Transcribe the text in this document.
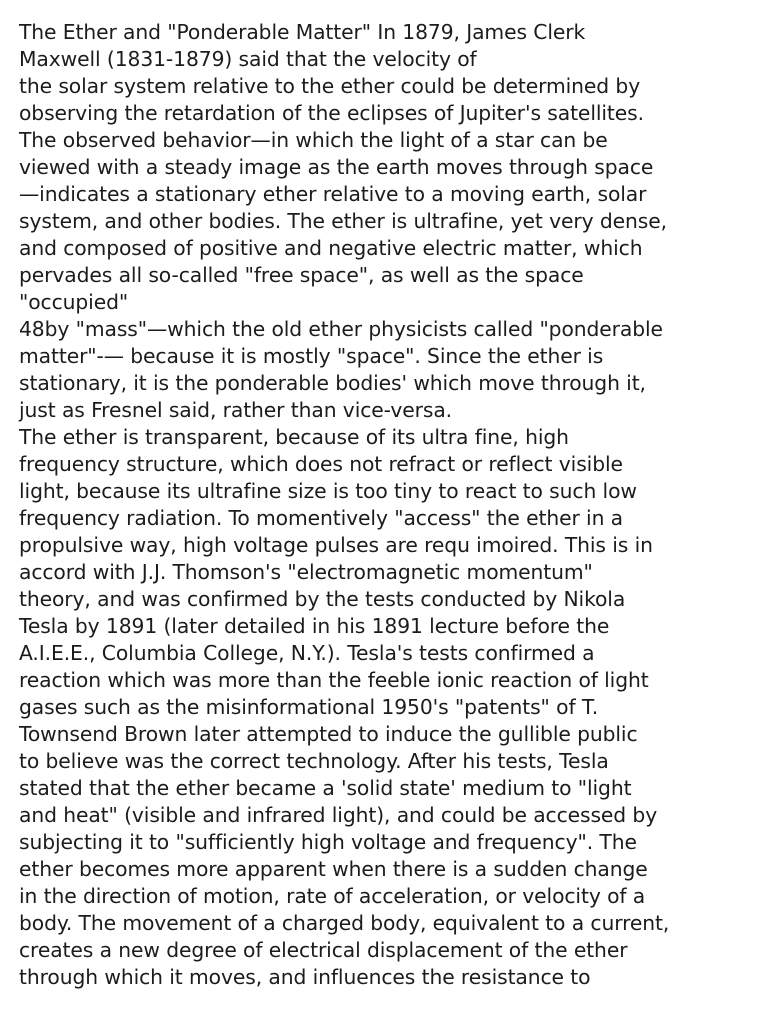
The Ether and "Ponderable Matter" In 1879, James Clerk
Maxwell (1831-1879) said that the velocity of
the solar system relative to the ether could be determined by
observing the retardation of the eclipses of Jupiter's satellites.
The observed behavior—in which the light of a star can be
viewed with a steady image as the earth moves through space
—indicates a stationary ether relative to a moving earth, solar
system, and other bodies. The ether is ultrafine, yet very dense,
and composed of positive and negative electric matter, which
pervades all so-called "free space", as well as the space
"occupied"
48by "mass"—which the old ether physicists called "ponderable
matter"-— because it is mostly "space". Since the ether is
stationary, it is the ponderable bodies' which move through it,
just as Fresnel said, rather than vice-versa.
The ether is transparent, because of its ultra fine, high
frequency structure, which does not refract or reflect visible
light, because its ultrafine size is too tiny to react to such low
frequency radiation. To momentively "access" the ether in a
propulsive way, high voltage pulses are requ imoired. This is in
accord with J.J. Thomson's "electromagnetic momentum"
theory, and was confirmed by the tests conducted by Nikola
Tesla by 1891 (later detailed in his 1891 lecture before the
A.I.E.E., Columbia College, N.Y.). Tesla's tests confirmed a
reaction which was more than the feeble ionic reaction of light
gases such as the misinformational 1950's "patents" of T.
Townsend Brown later attempted to induce the gullible public
to believe was the correct technology. After his tests, Tesla
stated that the ether became a 'solid state' medium to "light
and heat" (visible and infrared light), and could be accessed by
subjecting it to "sufficiently high voltage and frequency". The
ether becomes more apparent when there is a sudden change
in the direction of motion, rate of acceleration, or velocity of a
body. The movement of a charged body, equivalent to a current,
creates a new degree of electrical displacement of the ether
through which it moves, and influences the resistance to
